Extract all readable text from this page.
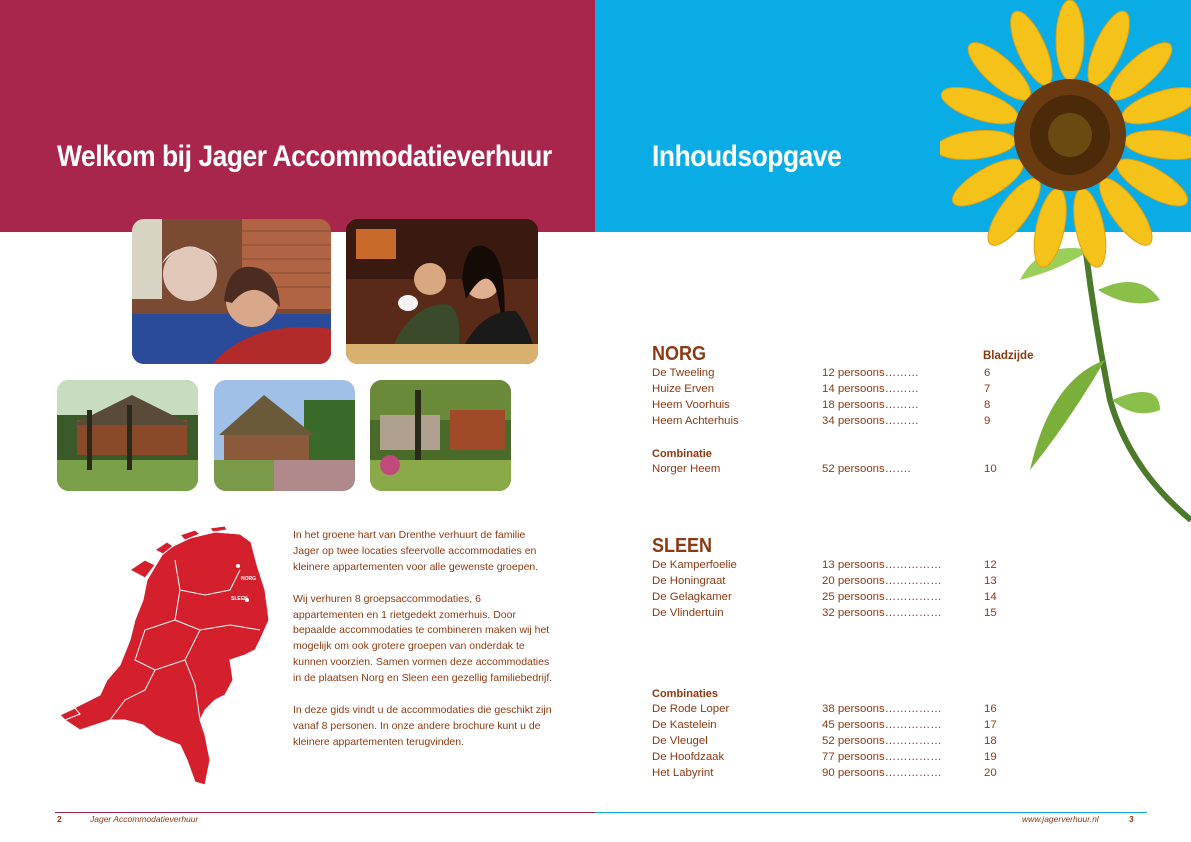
Welkom bij Jager Accommodatieverhuur
NORG
SLEEN

In het groene hart van Drenthe verhuurt de familie Jager op twee locaties sfeervolle accommodaties en kleinere appartementen voor alle gewenste groepen.

Wij verhuren 8 groepsaccommodaties, 6 appartementen en 1 rietgedekt zomerhuis. Door bepaalde accommodaties te combineren maken wij het mogelijk om ook grotere groepen van onderdak te kunnen voorzien. Samen vormen deze accommodaties in de plaatsen Norg en Sleen een gezellig familiebedrijf.

In deze gids vindt u de accommodaties die geschikt zijn vanaf 8 personen. In onze andere brochure kunt u de kleinere appartementen terugvinden.

2	Jager Accommodatieverhuur
Inhoudsopgave
Bladzijde
NORG
De Tweeling	12 persoons………	6
Huize Erven	14 persoons………	7
Heem Voorhuis	18 persoons………	8
Heem Achterhuis	34 persoons………	9
Combinatie
Norger Heem	52 persoons…….	10
SLEEN
De Kamperfoelie	13 persoons……………	12
De Honingraat	20 persoons……………	13
De Gelagkamer	25 persoons……………	14
De Vlindertuin	32 persoons……………	15
Combinaties
De Rode Loper	38 persoons……………	16
De Kastelein	45 persoons……………	17
De Vleugel	52 persoons……………	18
De Hoofdzaak	77 persoons……………	19
Het Labyrint	90 persoons……………	20
www.jagerverhuur.nl	3
